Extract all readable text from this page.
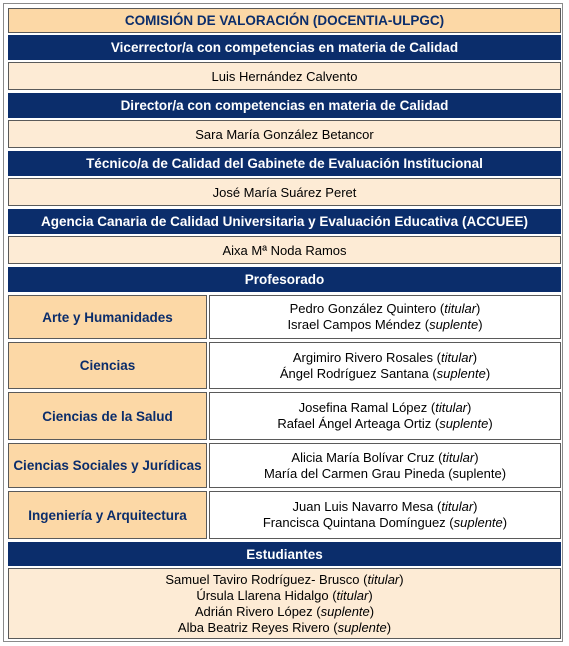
COMISIÓN DE VALORACIÓN (DOCENTIA-ULPGC)
Vicerrector/a con competencias en materia de Calidad
Luis Hernández Calvento
Director/a con competencias en materia de Calidad
Sara María González Betancor
Técnico/a de Calidad del Gabinete de Evaluación Institucional
José María Suárez Peret
Agencia Canaria de Calidad Universitaria y Evaluación Educativa (ACCUEE)
Aixa Mª Noda Ramos
Profesorado
Arte y Humanidades
Pedro González Quintero (titular)
Israel Campos Méndez (suplente)
Ciencias
Argimiro Rivero Rosales (titular)
Ángel Rodríguez Santana (suplente)
Ciencias de la Salud
Josefina Ramal López (titular)
Rafael Ángel Arteaga Ortiz (suplente)
Ciencias Sociales y Jurídicas
Alicia María Bolívar Cruz (titular)
María del Carmen Grau Pineda (suplente)
Ingeniería y Arquitectura
Juan Luis Navarro Mesa (titular)
Francisca Quintana Domínguez (suplente)
Estudiantes
Samuel Taviro Rodríguez- Brusco (titular)
Úrsula Llarena Hidalgo (titular)
Adrián Rivero López (suplente)
Alba Beatriz Reyes Rivero (suplente)
